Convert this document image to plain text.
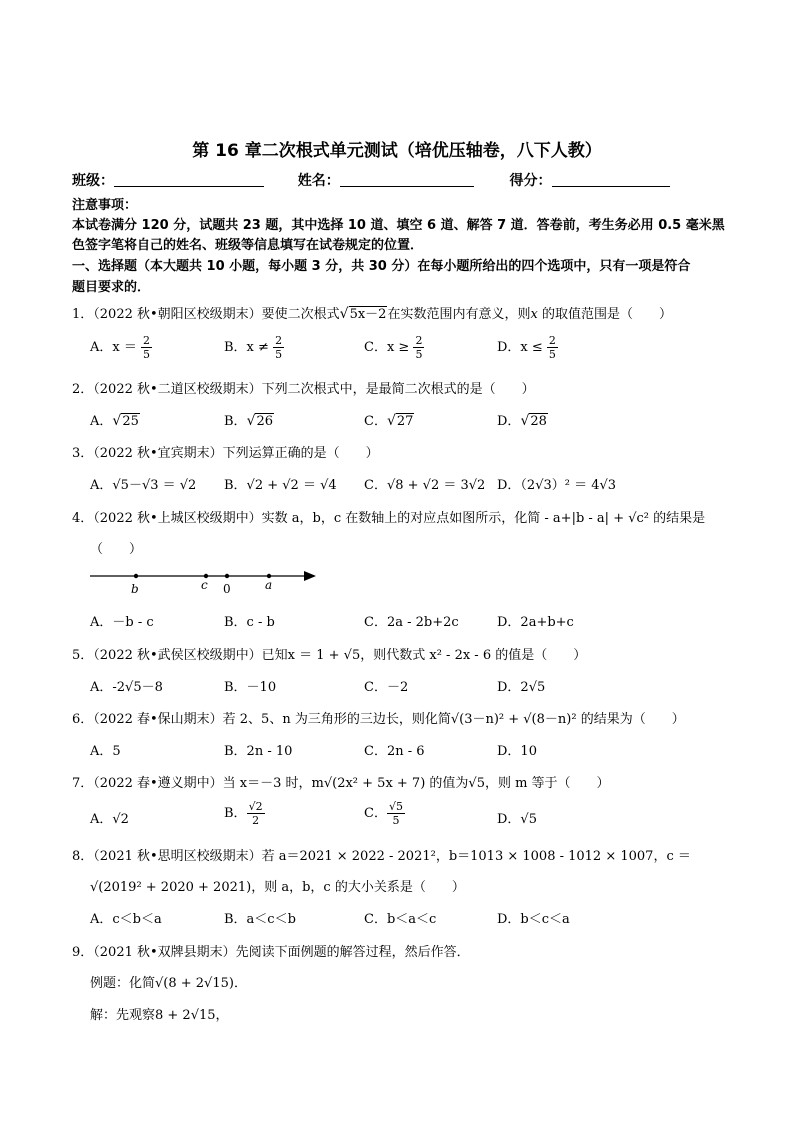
第 16 章二次根式单元测试（培优压轴卷，八下人教）
班级：	姓名：	得分：
注意事项：
本试卷满分 120 分，试题共 23 题，其中选择 10 道、填空 6 道、解答 7 道．答卷前，考生务必用 0.5 毫米黑
色签字笔将自己的姓名、班级等信息填写在试卷规定的位置．
一、选择题（本大题共 10 小题，每小题 3 分，共 30 分）在每小题所给出的四个选项中，只有一项是符合
题目要求的．
1．（2022 秋•朝阳区校级期末）要使二次根式√5x－2在实数范围内有意义，则x 的取值范围是（　　）
A．$x = \frac{2}{5}$	B．$x \ne \frac{2}{5}$	C．$x \ge \frac{2}{5}$	D．$x \le \frac{2}{5}$
2．（2022 秋•二道区校级期末）下列二次根式中，是最简二次根式的是（　　）
A．√25	B．√26	C．√27	D．√28
3．（2022 秋•宜宾期末）下列运算正确的是（　　）
A．√5－√3 ＝ √2 B．√2 + √2 ＝ √4 C．√8 + √2 ＝ 3√2 D．（2√3）² ＝ 4√3
4．（2022 秋•上城区校级期中）实数 a，b，c 在数轴上的对应点如图所示，化简 - a+|b - a| + √c² 的结果是
（　　）
b	c 0	a
A．－b - c	B．c - b	C．2a - 2b+2c	D．2a+b+c
5．（2022 秋•武侯区校级期中）已知x ＝ 1 + √5，则代数式 x² - 2x - 6 的值是（　　）
A．-2√5－8	B．－10	C．－2	D．2√5
6．（2022 春•保山期末）若 2、5、n 为三角形的三边长，则化简√(3－n)² + √(8－n)² 的结果为（　　）
A．5	B．2n - 10	C．2n - 6	D．10
7．（2022 春•遵义期中）当 x＝－3 时，m√(2x² + 5x + 7) 的值为√5，则 m 等于（　　）
A．√2	B． $\frac{√2}{2}$	C． $\frac{√5}{5}$	D．√5
8．（2021 秋•思明区校级期末）若 a＝2021 × 2022 - 2021²，b＝1013 × 1008 - 1012 × 1007，c ＝
√(2019² + 2020 + 2021)，则 a，b，c 的大小关系是（　　）
A．c＜b＜a	B．a＜c＜b	C．b＜a＜c	D．b＜c＜a
9．（2021 秋•双牌县期末）先阅读下面例题的解答过程，然后作答．
例题：化简√(8 + 2√15)．
解：先观察8 + 2√15，
